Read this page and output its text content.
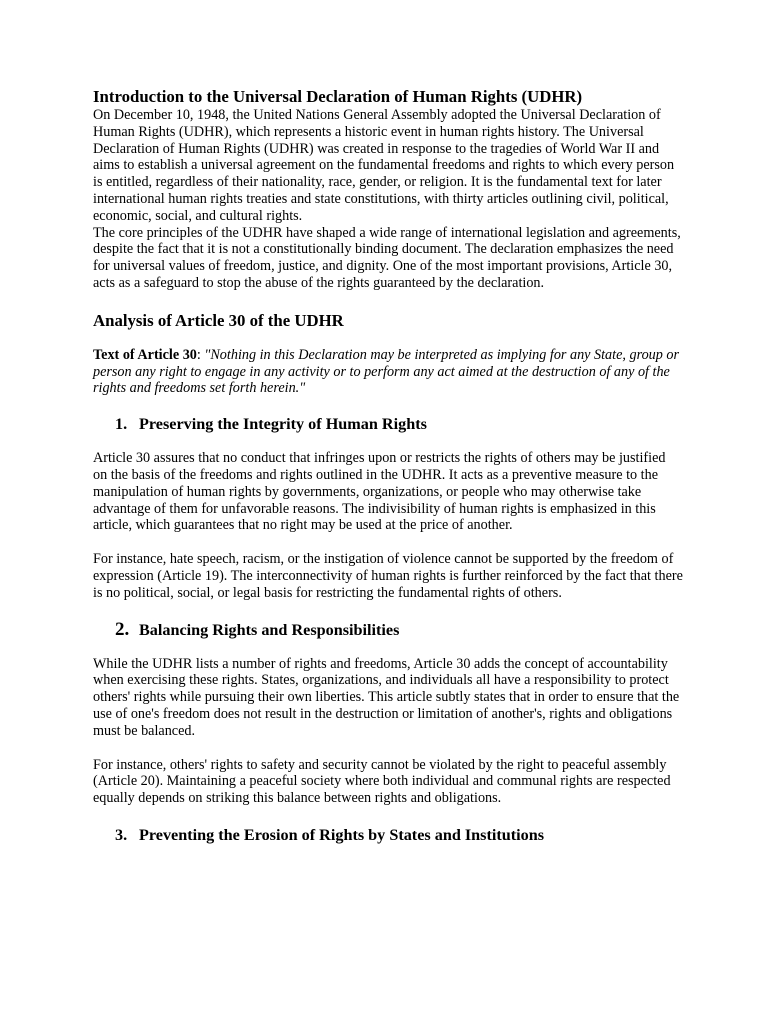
Introduction to the Universal Declaration of Human Rights (UDHR)

On December 10, 1948, the United Nations General Assembly adopted the Universal Declaration of Human Rights (UDHR), which represents a historic event in human rights history. The Universal Declaration of Human Rights (UDHR) was created in response to the tragedies of World War II and aims to establish a universal agreement on the fundamental freedoms and rights to which every person is entitled, regardless of their nationality, race, gender, or religion. It is the fundamental text for later international human rights treaties and state constitutions, with thirty articles outlining civil, political, economic, social, and cultural rights.

The core principles of the UDHR have shaped a wide range of international legislation and agreements, despite the fact that it is not a constitutionally binding document. The declaration emphasizes the need for universal values of freedom, justice, and dignity. One of the most important provisions, Article 30, acts as a safeguard to stop the abuse of the rights guaranteed by the declaration.

Analysis of Article 30 of the UDHR

Text of Article 30: "Nothing in this Declaration may be interpreted as implying for any State, group or person any right to engage in any activity or to perform any act aimed at the destruction of any of the rights and freedoms set forth herein."

1. Preserving the Integrity of Human Rights

Article 30 assures that no conduct that infringes upon or restricts the rights of others may be justified on the basis of the freedoms and rights outlined in the UDHR. It acts as a preventive measure to the manipulation of human rights by governments, organizations, or people who may otherwise take advantage of them for unfavorable reasons. The indivisibility of human rights is emphasized in this article, which guarantees that no right may be used at the price of another.

For instance, hate speech, racism, or the instigation of violence cannot be supported by the freedom of expression (Article 19). The interconnectivity of human rights is further reinforced by the fact that there is no political, social, or legal basis for restricting the fundamental rights of others.

2. Balancing Rights and Responsibilities

While the UDHR lists a number of rights and freedoms, Article 30 adds the concept of accountability when exercising these rights. States, organizations, and individuals all have a responsibility to protect others' rights while pursuing their own liberties. This article subtly states that in order to ensure that the use of one's freedom does not result in the destruction or limitation of another's, rights and obligations must be balanced.

For instance, others' rights to safety and security cannot be violated by the right to peaceful assembly (Article 20). Maintaining a peaceful society where both individual and communal rights are respected equally depends on striking this balance between rights and obligations.

3. Preventing the Erosion of Rights by States and Institutions
